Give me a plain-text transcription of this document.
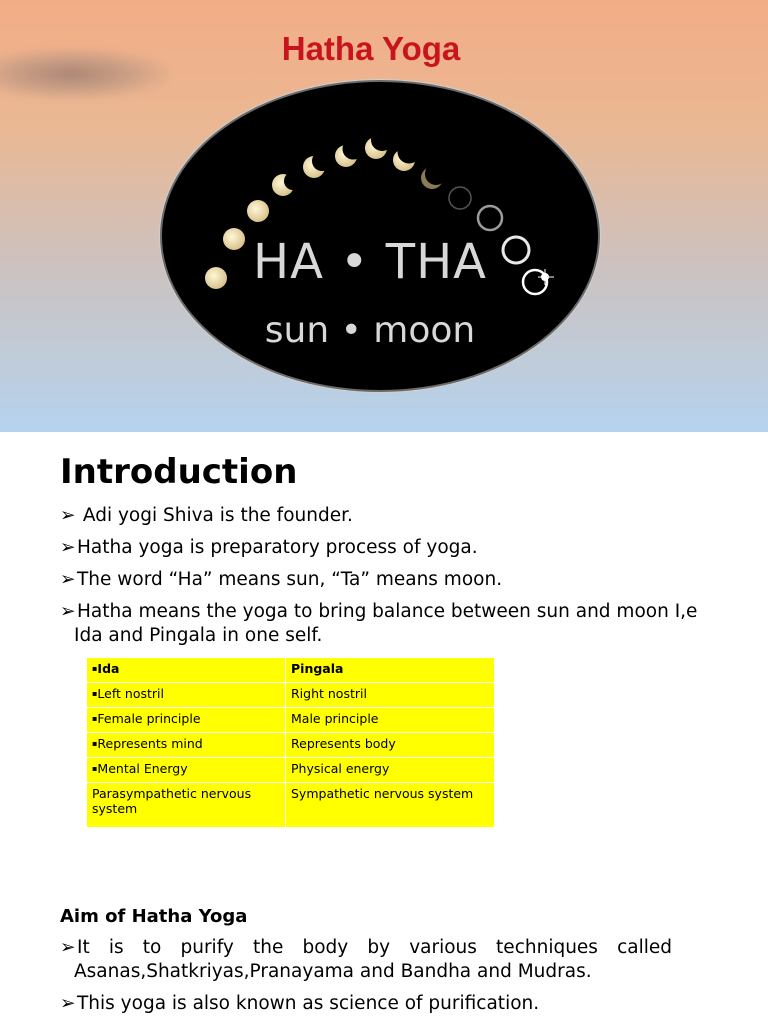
Hatha Yoga
HA • THA
sun • moon
Introduction
➢ Adi yogi Shiva is the founder.
➢Hatha yoga is preparatory process of yoga.
➢The word “Ha” means sun, “Ta” means moon.
➢Hatha means the yoga to bring balance between sun and moon I,e Ida and Pingala in one self.
▪Ida	Pingala
▪Left nostril	Right nostril
▪Female principle	Male principle
▪Represents mind	Represents body
▪Mental Energy	Physical energy
Parasympathetic nervous system	Sympathetic nervous system
Aim of Hatha Yoga
➢It is to purify the body by various techniques called Asanas,Shatkriyas,Pranayama and Bandha and Mudras.
➢This yoga is also known as science of purification.
